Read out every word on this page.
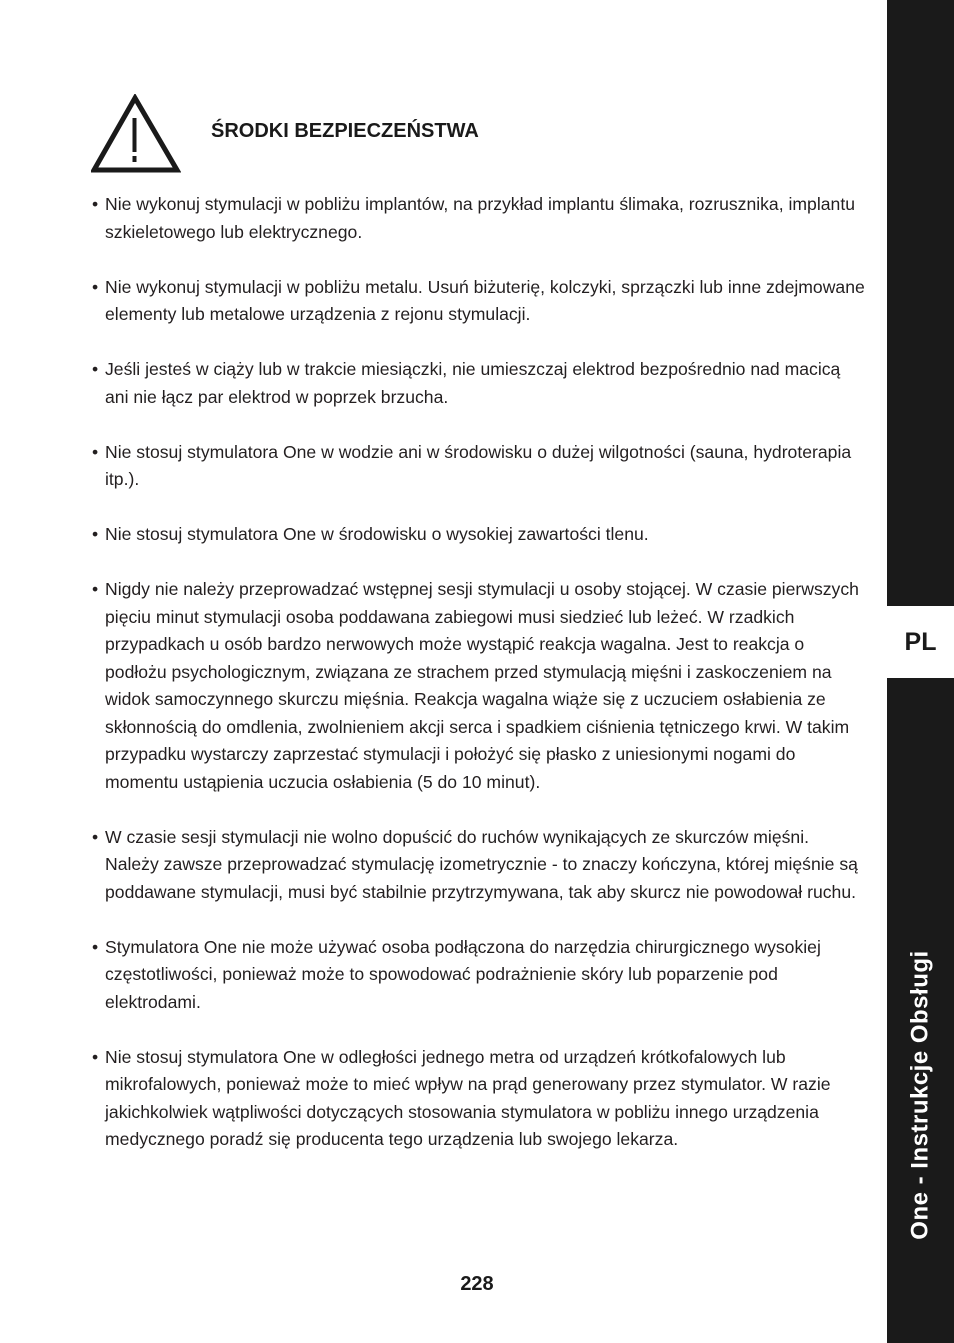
PL
One - Instrukcje Obsługi
ŚRODKI BEZPIECZEŃSTWA
• Nie wykonuj stymulacji w pobliżu implantów, na przykład implantu ślimaka, rozrusznika, implantu szkieletowego lub elektrycznego.
• Nie wykonuj stymulacji w pobliżu metalu. Usuń biżuterię, kolczyki, sprzączki lub inne zdejmowane elementy lub metalowe urządzenia z rejonu stymulacji.
• Jeśli jesteś w ciąży lub w trakcie miesiączki, nie umieszczaj elektrod bezpośrednio nad macicą ani nie łącz par elektrod w poprzek brzucha.
• Nie stosuj stymulatora One w wodzie ani w środowisku o dużej wilgotności (sauna, hydroterapia itp.).
• Nie stosuj stymulatora One w środowisku o wysokiej zawartości tlenu.
• Nigdy nie należy przeprowadzać wstępnej sesji stymulacji u osoby stojącej. W czasie pierwszych pięciu minut stymulacji osoba poddawana zabiegowi musi siedzieć lub leżeć. W rzadkich przypadkach u osób bardzo nerwowych może wystąpić reakcja wagalna. Jest to reakcja o podłożu psychologicznym, związana ze strachem przed stymulacją mięśni i zaskoczeniem na widok samoczynnego skurczu mięśnia. Reakcja wagalna wiąże się z uczuciem osłabienia ze skłonnością do omdlenia, zwolnieniem akcji serca i spadkiem ciśnienia tętniczego krwi. W takim przypadku wystarczy zaprzestać stymulacji i położyć się płasko z uniesionymi nogami do momentu ustąpienia uczucia osłabienia (5 do 10 minut).
• W czasie sesji stymulacji nie wolno dopuścić do ruchów wynikających ze skurczów mięśni. Należy zawsze przeprowadzać stymulację izometrycznie - to znaczy kończyna, której mięśnie są poddawane stymulacji, musi być stabilnie przytrzymywana, tak aby skurcz nie powodował ruchu.
• Stymulatora One nie może używać osoba podłączona do narzędzia chirurgicznego wysokiej częstotliwości, ponieważ może to spowodować podrażnienie skóry lub poparzenie pod elektrodami.
• Nie stosuj stymulatora One w odległości jednego metra od urządzeń krótkofalowych lub mikrofalowych, ponieważ może to mieć wpływ na prąd generowany przez stymulator. W razie jakichkolwiek wątpliwości dotyczących stosowania stymulatora w pobliżu innego urządzenia medycznego poradź się producenta tego urządzenia lub swojego lekarza.
228
